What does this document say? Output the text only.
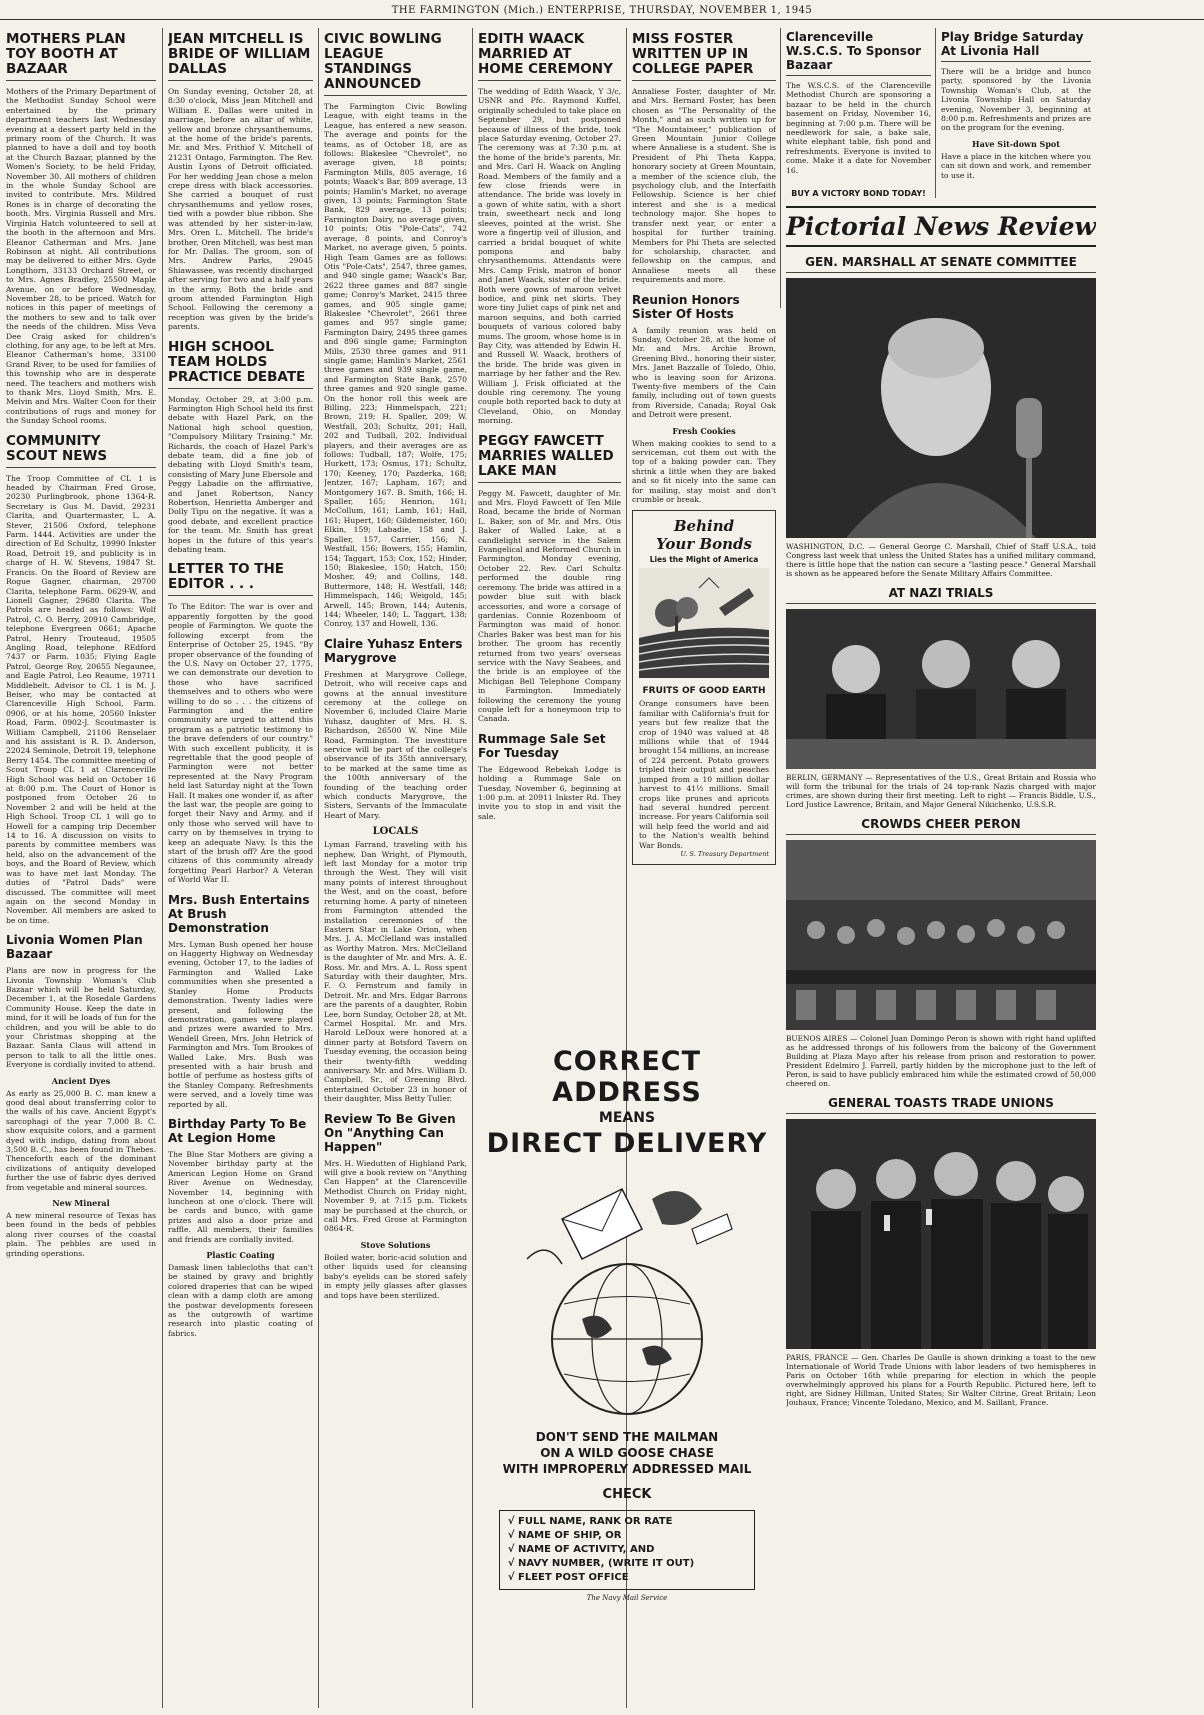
THE FARMINGTON (Mich.) ENTERPRISE, THURSDAY, NOVEMBER 1, 1945
MOTHERS PLAN TOY BOOTH AT BAZAAR
Mothers of the Primary Department of the Methodist Sunday School were entertained by the primary department teachers last Wednesday evening at a dessert party held in the primary room of the Church. It was planned to have a doll and toy booth at the Church Bazaar, planned by the Women's Society, to be held Friday, November 30. All mothers of children in the whole Sunday School are invited to contribute. Mrs. Mildred Rones is in charge of decorating the booth. Mrs. Virginia Russell and Mrs. Virginia Hatch volunteered to sell at the booth in the afternoon and Mrs. Eleanor Catherman and Mrs. Jane Robinson at night. All contributions may be delivered to either Mrs. Gyde Longthorn, 33133 Orchard Street, or to Mrs. Agnes Bradley, 25500 Maple Avenue, on or before Wednesday, November 28, to be priced. Watch for notices in this paper of meetings of the mothers to sew and to talk over the needs of the children. Miss Veva Dee Craig asked for children's clothing, for any age, to be left at Mrs. Eleanor Catherman's home, 33100 Grand River, to be used for families of this township who are in desperate need. The teachers and mothers wish to thank Mrs. Lloyd Smith, Mrs. E. Melvin and Mrs. Walter Coon for their contributions of rugs and money for the Sunday School rooms.
COMMUNITY SCOUT NEWS
The Troop Committee of CL 1 is headed by Chairman Fred Grose, 20230 Purlingbrook, phone 1364-R. Secretary is Gus M. David, 29231 Clarita, and Quartermaster, L. A. Stever, 21506 Oxford, telephone Farm. 1444. Activities are under the direction of Ed Schultz, 19990 Inkster Road, Detroit 19, and publicity is in charge of H. W. Stevens, 19847 St. Francis. On the Board of Review are Rogue Gagner, chairman, 29700 Clarita, telephone Farm. 0629-W, and Lionell Gagner, 29680 Clarita. The Patrols are headed as follows: Wolf Patrol, C. O. Berry, 20910 Cambridge, telephone Evergreen 0661; Apache Patrol, Henry Trouteaud, 19505 Angling Road, telephone REdford 7437 or Farm. 1035; Flying Eagle Patrol, George Roy, 20655 Negaunee, and Eagle Patrol, Leo Reaume, 19711 Middlebelt. Advisor to CL 1 is M. J. Beiser, who may be contacted at Clarenceville High School, Farm. 0906, or at his home, 20560 Inkster Road, Farm. 0902-J. Scoutmaster is William Campbell, 21106 Renselaer and his assistant is R. D. Anderson, 22024 Seminole, Detroit 19, telephone Berry 1454. The committee meeting of Scout Troop CL 1 at Clarenceville High School was held on October 16 at 8:00 p.m. The Court of Honor is postponed from October 26 to November 2 and will be held at the High School. Troop CL 1 will go to Howell for a camping trip December 14 to 16. A discussion on visits to parents by committee members was held, also on the advancement of the boys, and the Board of Review, which was to have met last Monday. The duties of "Patrol Dads" were discussed. The committee will meet again on the second Monday in November. All members are asked to be on time.
Livonia Women Plan Bazaar
Plans are now in progress for the Livonia Township Woman's Club Bazaar which will be held Saturday, December 1, at the Rosedale Gardens Community House. Keep the date in mind, for it will be loads of fun for the children, and you will be able to do your Christmas shopping at the Bazaar. Santa Claus will attend in person to talk to all the little ones. Everyone is cordially invited to attend.
Ancient Dyes
As early as 25,000 B. C. man knew a good deal about transferring color to the walls of his cave. Ancient Egypt's sarcophagi of the year 7,000 B. C. show exquisite colors, and a garment dyed with indigo, dating from about 3,500 B. C., has been found in Thebes. Thenceforth each of the dominant civilizations of antiquity developed further the use of fabric dyes derived from vegetable and mineral sources.
New Mineral
A new mineral resource of Texas has been found in the beds of pebbles along river courses of the coastal plain. The pebbles are used in grinding operations.
JEAN MITCHELL IS BRIDE OF WILLIAM DALLAS
On Sunday evening, October 28, at 8:30 o'clock, Miss Jean Mitchell and William E. Dallas were united in marriage, before an altar of white, yellow and bronze chrysanthemums, at the home of the bride's parents, Mr. and Mrs. Frithiof V. Mitchell of 21231 Ontago, Farmington. The Rev. Austin Lyons of Detroit officiated. For her wedding Jean chose a melon crepe dress with black accessories. She carried a bouquet of rust chrysanthemums and yellow roses, tied with a powder blue ribbon. She was attended by her sister-in-law, Mrs. Oren L. Mitchell. The bride's brother, Oren Mitchell, was best man for Mr. Dallas. The groom, son of Mrs. Andrew Parks, 29045 Shiawassee, was recently discharged after serving for two and a half years in the army. Both the bride and groom attended Farmington High School. Following the ceremony a reception was given by the bride's parents.
HIGH SCHOOL TEAM HOLDS PRACTICE DEBATE
Monday, October 29, at 3:00 p.m. Farmington High School held its first debate with Hazel Park, on the National high school question, "Compulsory Military Training." Mr. Richards, the coach of Hazel Park's debate team, did a fine job of debating with Lloyd Smith's team, consisting of Mary June Ebersole and Peggy Labadie on the affirmative, and Janet Robertson, Nancy Robertson, Henrietta Amberger and Dolly Tipu on the negative. It was a good debate, and excellent practice for the team. Mr. Smith has great hopes in the future of this year's debating team.
LETTER TO THE EDITOR . . .
To The Editor: The war is over and apparently forgotten by the good people of Farmington. We quote the following excerpt from the Enterprise of October 25, 1945. "By proper observance of the founding of the U.S. Navy on October 27, 1775, we can demonstrate our devotion to those who have sacrificed themselves and to others who were willing to do so . . . the citizens of Farmington and the entire community are urged to attend this program as a patriotic testimony to the brave defenders of our country." With such excellent publicity, it is regrettable that the good people of Farmington were not better represented at the Navy Program held last Saturday night at the Town Hall. It makes one wonder if, as after the last war, the people are going to forget their Navy and Army, and if only those who served will have to carry on by themselves in trying to keep an adequate Navy. Is this the start of the brush off? Are the good citizens of this community already forgetting Pearl Harbor? A Veteran of World War II.
Mrs. Bush Entertains At Brush Demonstration
Mrs. Lyman Bush opened her house on Haggerty Highway on Wednesday evening, October 17, to the ladies of Farmington and Walled Lake communities when she presented a Stanley Home Products demonstration. Twenty ladies were present, and following the demonstration, games were played and prizes were awarded to Mrs. Wendell Green, Mrs. John Hetrick of Farmington and Mrs. Tom Brookes of Walled Lake. Mrs. Bush was presented with a hair brush and bottle of perfume as hostess gifts of the Stanley Company. Refreshments were served, and a lovely time was reported by all.
Birthday Party To Be At Legion Home
The Blue Star Mothers are giving a November birthday party at the American Legion Home on Grand River Avenue on Wednesday, November 14, beginning with luncheon at one o'clock. There will be cards and bunco, with game prizes and also a door prize and raffle. All members, their families and friends are cordially invited.
Plastic Coating
Damask linen tablecloths that can't be stained by gravy and brightly colored draperies that can be wiped clean with a damp cloth are among the postwar developments foreseen as the outgrowth of wartime research into plastic coating of fabrics.
CIVIC BOWLING LEAGUE STANDINGS ANNOUNCED
The Farmington Civic Bowling League, with eight teams in the League, has entered a new season. The average and points for the teams, as of October 18, are as follows: Blakeslee "Chevrolet", no average given, 18 points; Farmington Mills, 805 average, 16 points; Waack's Bar, 809 average, 13 points; Hamlin's Market, no average given, 13 points; Farmington State Bank, 829 average, 13 points; Farmington Dairy, no average given, 10 points; Otis "Pole-Cats", 742 average, 8 points, and Conroy's Market, no average given, 5 points. High Team Games are as follows: Otis "Pole-Cats", 2547, three games, and 940 single game; Waack's Bar, 2622 three games and 887 single game; Conroy's Market, 2415 three games, and 905 single game; Blakeslee "Chevrolet", 2661 three games and 957 single game; Farmington Dairy, 2495 three games and 896 single game; Farmington Mills, 2530 three games and 911 single game; Hamlin's Market, 2561 three games and 939 single game, and Farmington State Bank, 2570 three games and 920 single game. On the honor roll this week are Billing, 223; Himmelspach, 221; Brown, 219; H. Spaller, 209; W. Westfall, 203; Schultz, 201; Hall, 202 and Tudball, 202. Individual players, and their averages are as follows: Tudball, 187; Wolfe, 175; Hurkett, 173; Osmus, 171; Schultz, 170; Keeney, 170; Pazderka, 168; Jentzer, 167; Lapham, 167; and Montgomery 167. B. Smith, 166; H. Spaller, 165; Henrion, 161; McCollum, 161; Lamb, 161; Hall, 161; Hupert, 160; Gildemeister, 160; Elkin, 159; Labadie, 158 and J. Spaller, 157. Carrier, 156; N. Westfall, 156; Bowers, 155; Hamlin, 154; Taggart, 153; Cox, 152; Hinder, 150; Blakeslee, 150; Hatch, 150; Mosher, 49; and Collins, 148. Buttermore, 148; H. Westfall, 148; Himmelspach, 146; Weigold, 145; Arwell, 145; Brown, 144; Autenis, 144; Wheeler, 140; L. Taggart, 138; Conroy, 137 and Howell, 136.
Claire Yuhasz Enters Marygrove
Freshmen at Marygrove College, Detroit, who will receive caps and gowns at the annual investiture ceremony at the college on November 6, included Claire Marie Yuhasz, daughter of Mrs. H. S. Richardson, 26500 W. Nine Mile Road, Farmington. The investiture service will be part of the college's observance of its 35th anniversary, to be marked at the same time as the 100th anniversary of the founding of the teaching order which conducts Marygrove, the Sisters, Servants of the Immaculate Heart of Mary.
LOCALS
Lyman Farrand, traveling with his nephew, Dan Wright, of Plymouth, left last Monday for a motor trip through the West. They will visit many points of interest throughout the West, and on the coast, before returning home. A party of nineteen from Farmington attended the installation ceremonies of the Eastern Star in Lake Orion, when Mrs. J. A. McClelland was installed as Worthy Matron. Mrs. McClelland is the daughter of Mr. and Mrs. A. E. Ross. Mr. and Mrs. A. L. Ross spent Saturday with their daughter, Mrs. F. O. Fernstrum and family in Detroit. Mr. and Mrs. Edgar Barrons are the parents of a daughter, Robin Lee, born Sunday, October 28, at Mt. Carmel Hospital. Mr. and Mrs. Harold LeDoux were honored at a dinner party at Botsford Tavern on Tuesday evening, the occasion being their twenty-fifth wedding anniversary. Mr. and Mrs. William D. Campbell, Sr., of Greening Blvd. entertained October 23 in honor of their daughter, Miss Betty Tuller.
Review To Be Given On "Anything Can Happen"
Mrs. H. Wiedutten of Highland Park, will give a book review on "Anything Can Happen" at the Clarenceville Methodist Church on Friday night, November 9, at 7:15 p.m. Tickets may be purchased at the church, or call Mrs. Fred Grose at Farmington 0864-R.
Stove Solutions
Boiled water, boric-acid solution and other liquids used for cleansing baby's eyelids can be stored safely in empty jelly glasses after glasses and tops have been sterilized.
EDITH WAACK MARRIED AT HOME CEREMONY
The wedding of Edith Waack, Y 3/c, USNR and Pfc. Raymond Kuffel, originally scheduled to take place on September 29, but postponed because of illness of the bride, took place Saturday evening, October 27. The ceremony was at 7:30 p.m. at the home of the bride's parents, Mr. and Mrs. Carl H. Waack on Angling Road. Members of the family and a few close friends were in attendance. The bride was lovely in a gown of white satin, with a short train, sweetheart neck and long sleeves, pointed at the wrist. She wore a fingertip veil of illusion, and carried a bridal bouquet of white pompons and baby chrysanthemums. Attendants were Mrs. Camp Frisk, matron of honor and Janet Waack, sister of the bride. Both were gowns of maroon velvet bodice, and pink net skirts. They wore tiny Juliet caps of pink net and maroon sequins, and both carried bouquets of various colored baby mums. The groom, whose home is in Bay City, was attended by Edwin H. and Russell W. Waack, brothers of the bride. The bride was given in marriage by her father and the Rev. William J. Frisk officiated at the double ring ceremony. The young couple both reported back to duty at Cleveland, Ohio, on Monday morning.
PEGGY FAWCETT MARRIES WALLED LAKE MAN
Peggy M. Fawcett, daughter of Mr. and Mrs. Floyd Fawcett of Ten Mile Road, became the bride of Norman L. Baker, son of Mr. and Mrs. Otis Baker of Walled Lake, at a candlelight service in the Salem Evangelical and Reformed Church in Farmington, Monday evening, October 22. Rev. Carl Schultz performed the double ring ceremony. The bride was attired in a powder blue suit with black accessories, and wore a corsage of gardenias. Connie Rozenboom of Farmington was maid of honor. Charles Baker was best man for his brother. The groom has recently returned from two years' overseas service with the Navy Seabees, and the bride is an employee of the Michigan Bell Telephone Company in Farmington. Immediately following the ceremony the young couple left for a honeymoon trip to Canada.
Rummage Sale Set For Tuesday
The Edgewood Rebekah Lodge is holding a Rummage Sale on Tuesday, November 6, beginning at 1:00 p.m. at 20911 Inkster Rd. They invite you to stop in and visit the sale.
MISS FOSTER WRITTEN UP IN COLLEGE PAPER
Annaliese Foster, daughter of Mr. and Mrs. Bernard Foster, has been chosen as "The Personality of the Month," and as such written up for "The Mountaineer," publication of Green Mountain Junior College where Annaliese is a student. She is President of Phi Theta Kappa, honorary society at Green Mountain, a member of the science club, the psychology club, and the Interfaith Fellowship. Science is her chief interest and she is a medical technology major. She hopes to transfer next year, or enter a hospital for further training. Members for Phi Theta are selected for scholarship, character, and fellowship on the campus, and Annaliese meets all these requirements and more.
Reunion Honors Sister Of Hosts
A family reunion was held on Sunday, October 28, at the home of Mr. and Mrs. Archie Brown, Greening Blvd., honoring their sister, Mrs. Janet Bazzalle of Toledo, Ohio, who is leaving soon for Arizona. Twenty-five members of the Cain family, including out of town guests from Riverside, Canada; Royal Oak and Detroit were present.
Fresh Cookies
When making cookies to send to a serviceman, cut them out with the top of a baking powder can. They shrink a little when they are baked and so fit nicely into the same can for mailing, stay moist and don't crumble or break.
Behind
Your Bonds
Lies the Might of America
FRUITS OF GOOD EARTH
Orange consumers have been familiar with California's fruit for years but few realize that the crop of 1940 was valued at 48 millions while that of 1944 brought 154 millions, an increase of 224 percent. Potato growers tripled their output and peaches jumped from a 10 million dollar harvest to 41½ millions. Small crops like prunes and apricots had several hundred percent increase. For years California soil will help feed the world and aid to the Nation's wealth behind War Bonds.
U. S. Treasury Department
Clarenceville W.S.C.S. To Sponsor Bazaar
The W.S.C.S. of the Clarenceville Methodist Church are sponsoring a bazaar to be held in the church basement on Friday, November 16, beginning at 7:00 p.m. There will be needlework for sale, a bake sale, white elephant table, fish pond and refreshments. Everyone is invited to come. Make it a date for November 16.
BUY A VICTORY BOND TODAY!
Play Bridge Saturday At Livonia Hall
There will be a bridge and bunco party, sponsored by the Livonia Township Woman's Club, at the Livonia Township Hall on Saturday evening, November 3, beginning at 8:00 p.m. Refreshments and prizes are on the program for the evening.
Have Sit-down Spot
Have a place in the kitchen where you can sit down and work, and remember to use it.
Pictorial News Review
GEN. MARSHALL AT SENATE COMMITTEE
WASHINGTON, D.C. — General George C. Marshall, Chief of Staff U.S.A., told Congress last week that unless the United States has a unified military command, there is little hope that the nation can secure a "lasting peace." General Marshall is shown as he appeared before the Senate Military Affairs Committee.
AT NAZI TRIALS
BERLIN, GERMANY — Representatives of the U.S., Great Britain and Russia who will form the tribunal for the trials of 24 top-rank Nazis charged with major crimes, are shown during their first meeting. Left to right — Francis Biddle, U.S., Lord Justice Lawrence, Britain, and Major General Nikichenko, U.S.S.R.
CROWDS CHEER PERON
BUENOS AIRES — Colonel Juan Domingo Peron is shown with right hand uplifted as he addressed throngs of his followers from the balcony of the Government Building at Plaza Mayo after his release from prison and restoration to power. President Edelmiro J. Farrell, partly hidden by the microphone just to the left of Peron, is said to have publicly embraced him while the estimated crowd of 50,000 cheered on.
GENERAL TOASTS TRADE UNIONS
PARIS, FRANCE — Gen. Charles De Gaulle is shown drinking a toast to the new Internationale of World Trade Unions with labor leaders of two hemispheres in Paris on October 16th while preparing for election in which the people overwhelmingly approved his plans for a Fourth Republic. Pictured here, left to right, are Sidney Hillman, United States; Sir Walter Citrine, Great Britain; Leon Jouhaux, France; Vincente Toledano, Mexico, and M. Saillant, France.
CORRECT ADDRESS
MEANS
DIRECT DELIVERY
DON'T SEND THE MAILMAN
ON A WILD GOOSE CHASE
WITH IMPROPERLY ADDRESSED MAIL
CHECK
√ FULL NAME, RANK OR RATE
√ NAME OF SHIP, OR
√ NAME OF ACTIVITY, AND
√ NAVY NUMBER, (WRITE IT OUT)
√ FLEET POST OFFICE
The Navy Mail Service
